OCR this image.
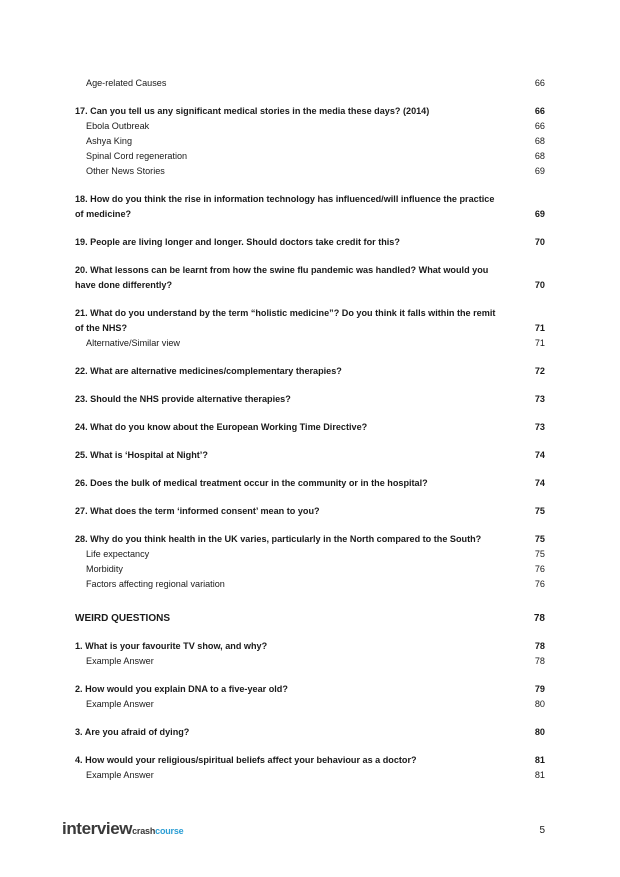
Age-related Causes	66
17. Can you tell us any significant medical stories in the media these days? (2014)	66
Ebola Outbreak	66
Ashya King	68
Spinal Cord regeneration	68
Other News Stories	69
18. How do you think the rise in information technology has influenced/will influence the practice of medicine?	69
19. People are living longer and longer. Should doctors take credit for this?	70
20. What lessons can be learnt from how the swine flu pandemic was handled? What would you have done differently?	70
21. What do you understand by the term “holistic medicine”? Do you think it falls within the remit of the NHS?	71
Alternative/Similar view	71
22. What are alternative medicines/complementary therapies?	72
23. Should the NHS provide alternative therapies?	73
24. What do you know about the European Working Time Directive?	73
25. What is ‘Hospital at Night’?	74
26. Does the bulk of medical treatment occur in the community or in the hospital?	74
27. What does the term ‘informed consent’ mean to you?	75
28. Why do you think health in the UK varies, particularly in the North compared to the South?	75
Life expectancy	75
Morbidity	76
Factors affecting regional variation	76
WEIRD QUESTIONS	78
1. What is your favourite TV show, and why?	78
Example Answer	78
2. How would you explain DNA to a five-year old?	79
Example Answer	80
3. Are you afraid of dying?	80
4. How would your religious/spiritual beliefs affect your behaviour as a doctor?	81
Example Answer	81
interviewcrashcourse	5
